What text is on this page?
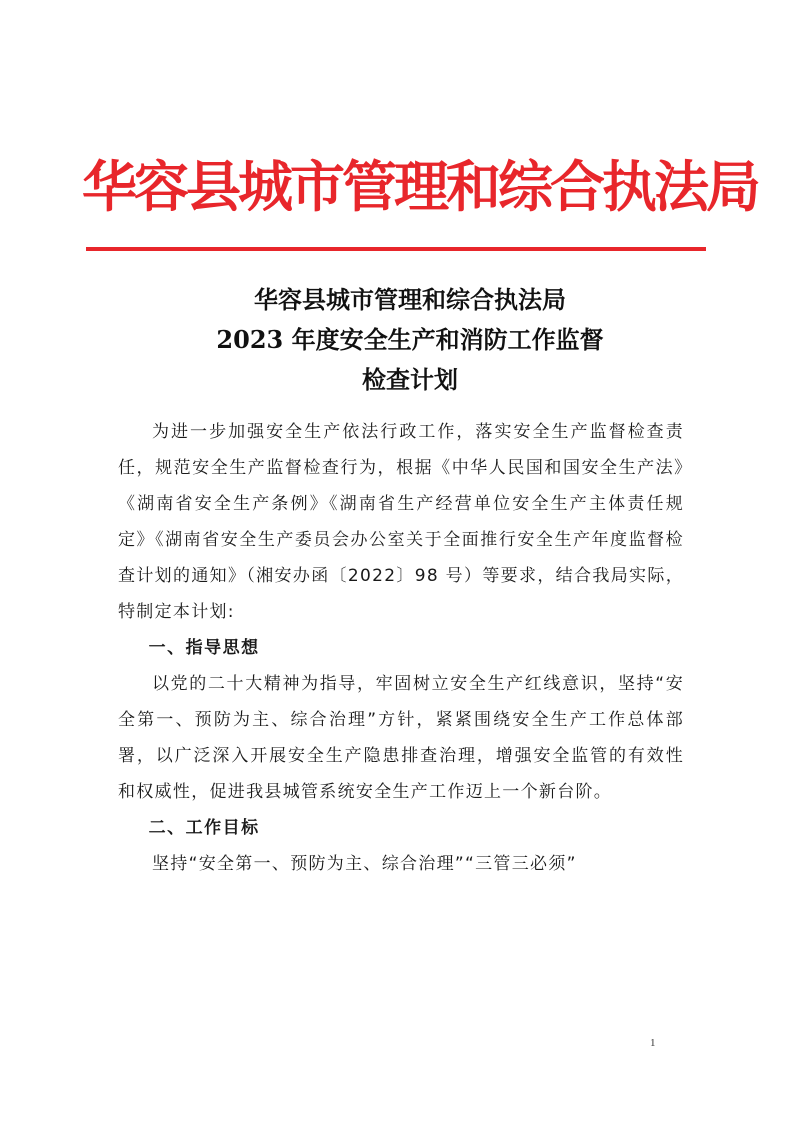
华容县城市管理和综合执法局
华容县城市管理和综合执法局
2023 年度安全生产和消防工作监督
检查计划

为进一步加强安全生产依法行政工作，落实安全生产监督检查责任，规范安全生产监督检查行为，根据《中华人民国和国安全生产法》《湖南省安全生产条例》《湖南省生产经营单位安全生产主体责任规定》《湖南省安全生产委员会办公室关于全面推行安全生产年度监督检查计划的通知》（湘安办函〔2022〕98 号）等要求，结合我局实际，特制定本计划:

一、指导思想

以党的二十大精神为指导，牢固树立安全生产红线意识，坚持“安全第一、预防为主、综合治理”方针，紧紧围绕安全生产工作总体部署，以广泛深入开展安全生产隐患排查治理，增强安全监管的有效性和权威性，促进我县城管系统安全生产工作迈上一个新台阶。

二、工作目标

坚持“安全第一、预防为主、综合治理”“三管三必须”

1
